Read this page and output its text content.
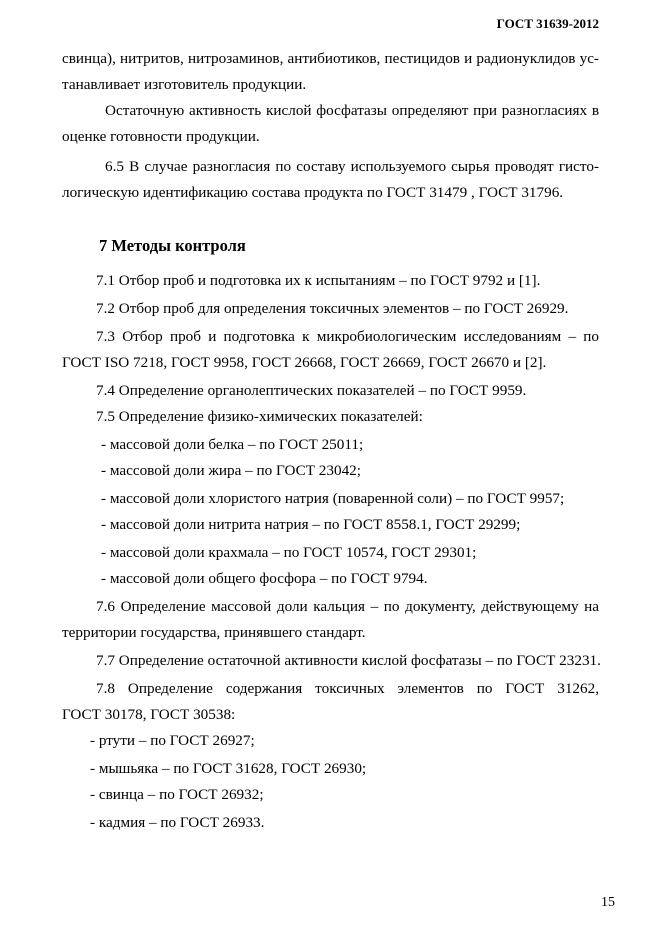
ГОСТ 31639-2012
свинца), нитритов, нитрозаминов, антибиотиков, пестицидов и радионуклидов ус-
танавливает изготовитель продукции.
Остаточную активность кислой фосфатазы определяют при разногласиях в
оценке готовности продукции.
6.5 В случае разногласия по составу используемого сырья проводят гисто-
логическую идентификацию состава продукта по ГОСТ 31479 , ГОСТ 31796.
7 Методы контроля
7.1 Отбор проб и подготовка их к испытаниям – по ГОСТ 9792 и [1].
7.2 Отбор проб для определения токсичных элементов – по ГОСТ 26929.
7.3 Отбор проб и подготовка к микробиологическим исследованиям – по
ГОСТ ISO 7218, ГОСТ 9958, ГОСТ 26668, ГОСТ 26669, ГОСТ 26670 и [2].
7.4 Определение органолептических показателей – по ГОСТ 9959.
7.5 Определение физико-химических показателей:
- массовой доли белка – по ГОСТ 25011;
- массовой доли жира – по ГОСТ 23042;
- массовой доли хлористого натрия (поваренной соли) – по ГОСТ 9957;
- массовой доли нитрита натрия – по ГОСТ 8558.1, ГОСТ 29299;
- массовой доли крахмала – по ГОСТ 10574, ГОСТ 29301;
- массовой доли общего фосфора – по ГОСТ 9794.
7.6 Определение массовой доли кальция – по документу, действующему на
территории государства, принявшего стандарт.
7.7 Определение остаточной активности кислой фосфатазы – по ГОСТ 23231.
7.8 Определение содержания токсичных элементов по ГОСТ 31262,
ГОСТ 30178, ГОСТ 30538:
- ртути – по ГОСТ 26927;
- мышьяка – по ГОСТ 31628, ГОСТ 26930;
- свинца – по ГОСТ 26932;
- кадмия – по ГОСТ 26933.
15
